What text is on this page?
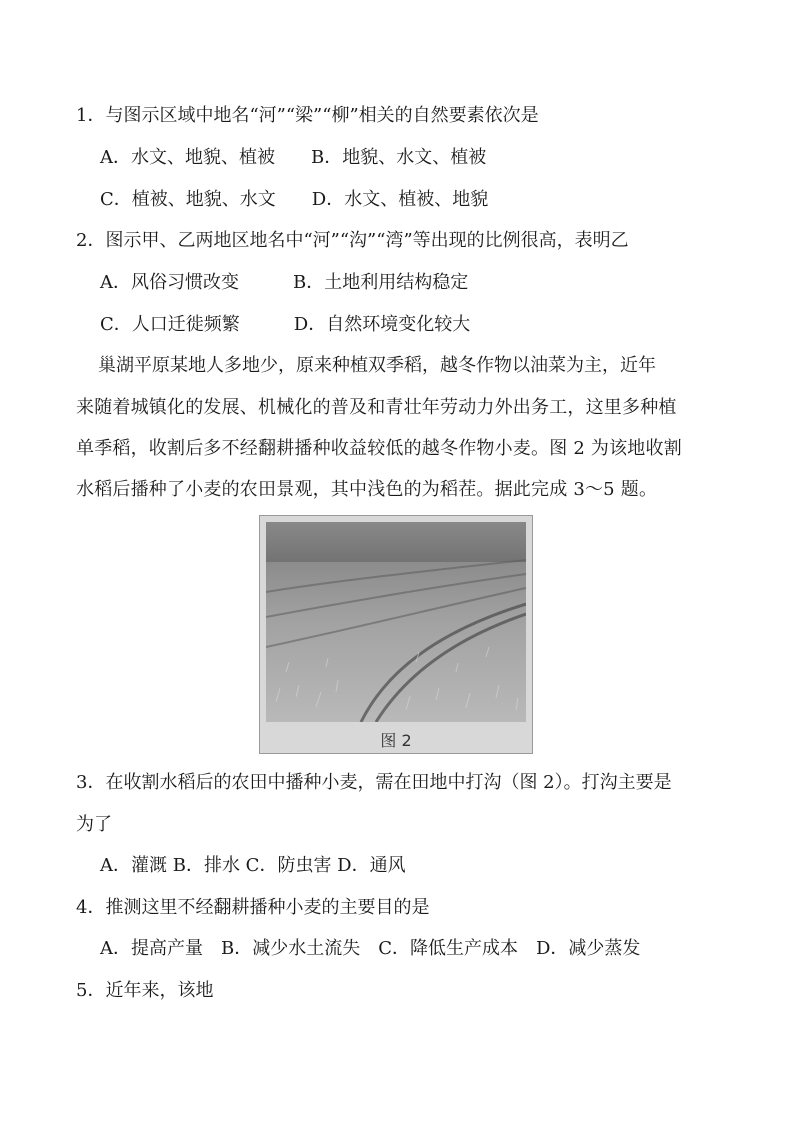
1．与图示区域中地名“河”“梁”“柳”相关的自然要素依次是
A．水文、地貌、植被　　B．地貌、水文、植被
C．植被、地貌、水文　　D．水文、植被、地貌
2．图示甲、乙两地区地名中“河”“沟”“湾”等出现的比例很高，表明乙
A．风俗习惯改变　　　B．土地利用结构稳定
C．人口迁徙频繁　　　D．自然环境变化较大
巢湖平原某地人多地少，原来种植双季稻，越冬作物以油菜为主，近年
来随着城镇化的发展、机械化的普及和青壮年劳动力外出务工，这里多种植
单季稻，收割后多不经翻耕播种收益较低的越冬作物小麦。图 2 为该地收割
水稻后播种了小麦的农田景观，其中浅色的为稻茬。据此完成 3～5 题。
图 2
3．在收割水稻后的农田中播种小麦，需在田地中打沟（图 2）。打沟主要是
为了
A．灌溉 B．排水 C．防虫害 D．通风
4．推测这里不经翻耕播种小麦的主要目的是
A．提高产量　B．减少水土流失　C．降低生产成本　D．减少蒸发
5．近年来，该地
